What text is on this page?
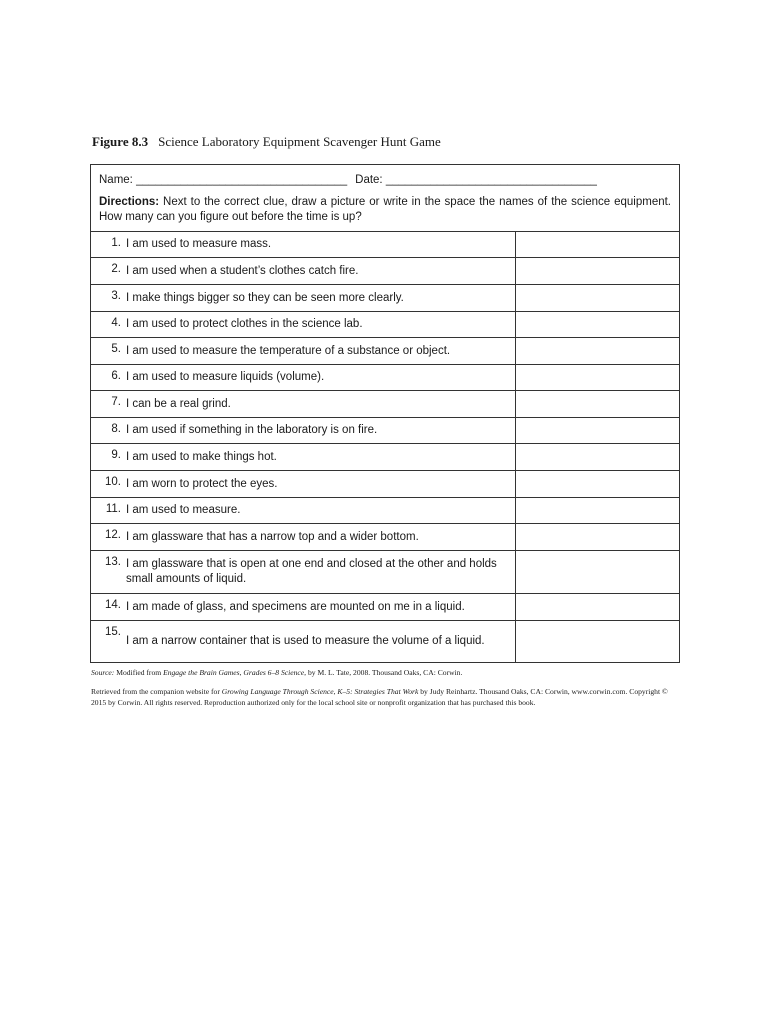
Figure 8.3 Science Laboratory Equipment Scavenger Hunt Game
Name: _________________________________ Date: _________________________________
Directions: Next to the correct clue, draw a picture or write in the space the names of the science equipment. How many can you figure out before the time is up?
1. I am used to measure mass.
2. I am used when a student’s clothes catch fire.
3. I make things bigger so they can be seen more clearly.
4. I am used to protect clothes in the science lab.
5. I am used to measure the temperature of a substance or object.
6. I am used to measure liquids (volume).
7. I can be a real grind.
8. I am used if something in the laboratory is on fire.
9. I am used to make things hot.
10. I am worn to protect the eyes.
11. I am used to measure.
12. I am glassware that has a narrow top and a wider bottom.
13. I am glassware that is open at one end and closed at the other and holds small amounts of liquid.
14. I am made of glass, and specimens are mounted on me in a liquid.
15.
I am a narrow container that is used to measure the volume of a liquid.
Source: Modified from Engage the Brain Games, Grades 6–8 Science, by M. L. Tate, 2008. Thousand Oaks, CA: Corwin.
Retrieved from the companion website for Growing Language Through Science, K–5: Strategies That Work by Judy Reinhartz. Thousand Oaks, CA: Corwin, www.corwin.com. Copyright © 2015 by Corwin. All rights reserved. Reproduction authorized only for the local school site or nonprofit organization that has purchased this book.
